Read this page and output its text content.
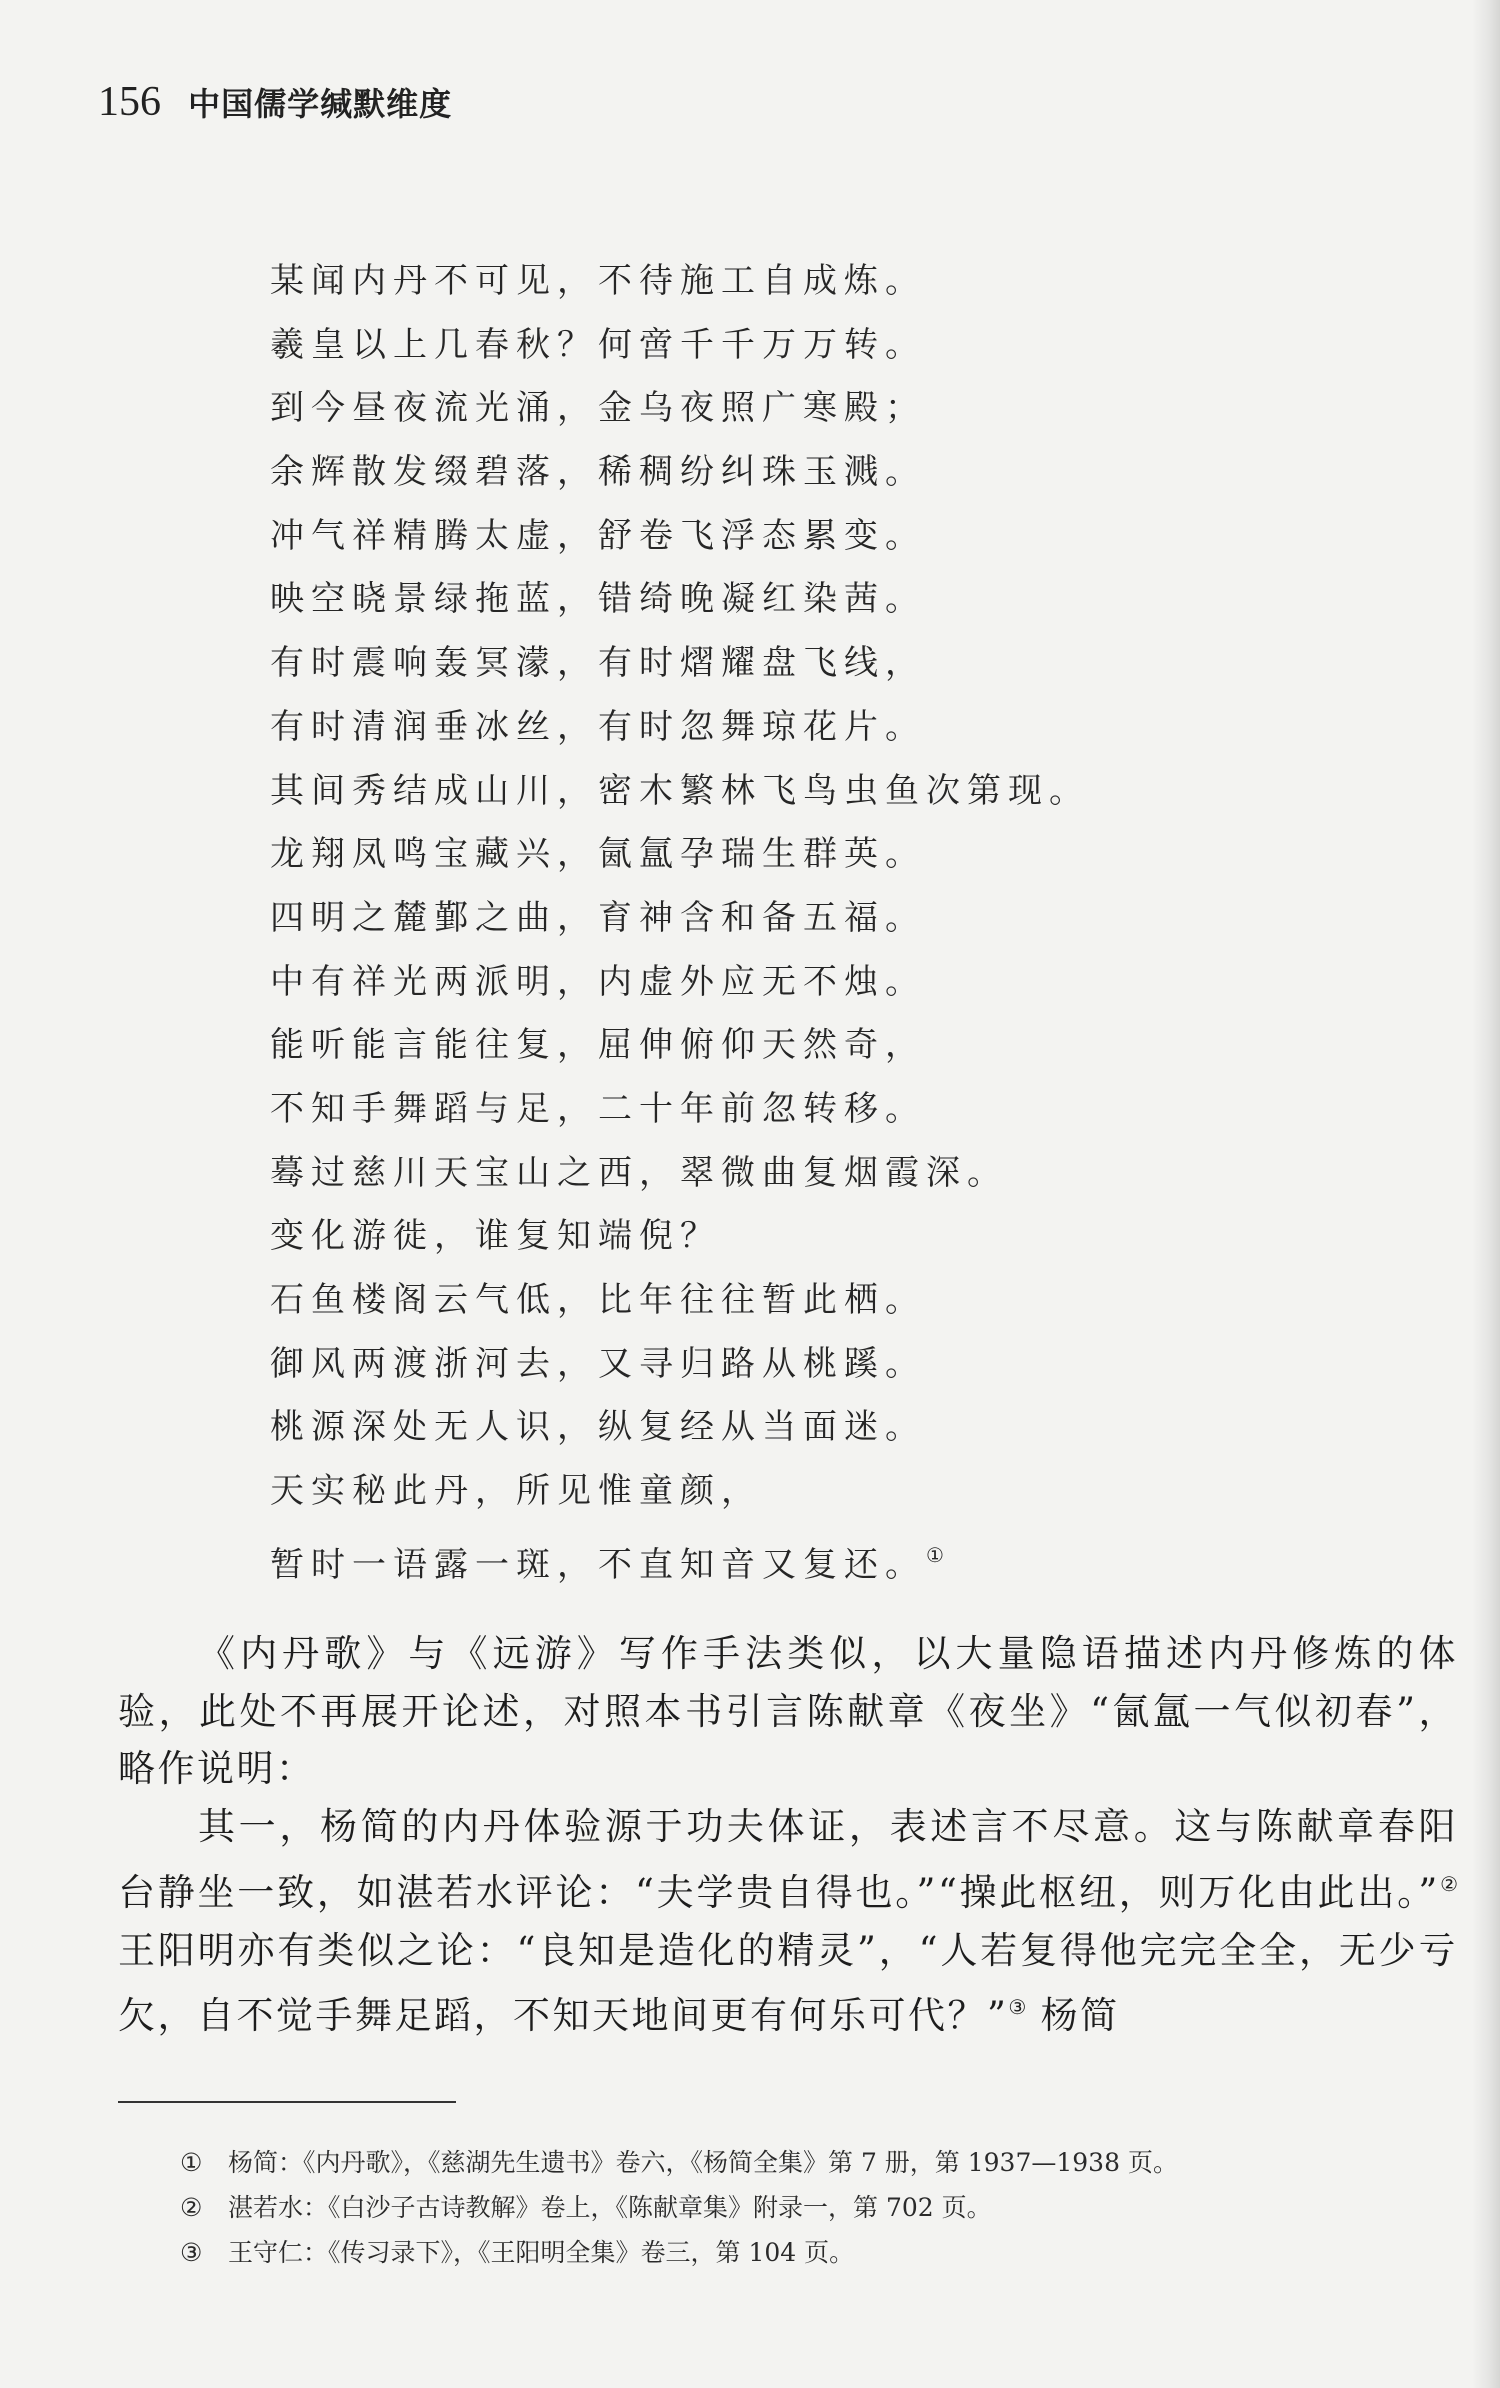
156 中国儒学缄默维度
某闻内丹不可见，不待施工自成炼。
羲皇以上几春秋？何啻千千万万转。
到今昼夜流光涌，金乌夜照广寒殿；
余辉散发缀碧落，稀稠纷纠珠玉溅。
冲气祥精腾太虚，舒卷飞浮态累变。
映空晓景绿拖蓝，错绮晚凝红染茜。
有时震响轰冥濛，有时熠耀盘飞线，
有时清润垂冰丝，有时忽舞琼花片。
其间秀结成山川，密木繁林飞鸟虫鱼次第现。
龙翔凤鸣宝藏兴，氤氲孕瑞生群英。
四明之麓鄞之曲，育神含和备五福。
中有祥光两派明，内虚外应无不烛。
能听能言能往复，屈伸俯仰天然奇，
不知手舞蹈与足，二十年前忽转移。
蓦过慈川天宝山之西，翠微曲复烟霞深。
变化游徙，谁复知端倪？
石鱼楼阁云气低，比年往往暂此栖。
御风两渡浙河去，又寻归路从桃蹊。
桃源深处无人识，纵复经从当面迷。
天实秘此丹，所见惟童颜，
暂时一语露一斑，不直知音又复还。①

《内丹歌》与《远游》写作手法类似，以大量隐语描述内丹修炼的体验，此处不再展开论述，对照本书引言陈献章《夜坐》“氤氲一气似初春”，略作说明：

其一，杨简的内丹体验源于功夫体证，表述言不尽意。这与陈献章春阳台静坐一致，如湛若水评论：“夫学贵自得也。”“操此枢纽，则万化由此出。”② 王阳明亦有类似之论：“良知是造化的精灵”，“人若复得他完完全全，无少亏欠，自不觉手舞足蹈，不知天地间更有何乐可代？”③ 杨简

① 杨简：《内丹歌》，《慈湖先生遗书》卷六，《杨简全集》第 7 册，第 1937—1938 页。
② 湛若水：《白沙子古诗教解》卷上，《陈献章集》附录一，第 702 页。
③ 王守仁：《传习录下》，《王阳明全集》卷三，第 104 页。
